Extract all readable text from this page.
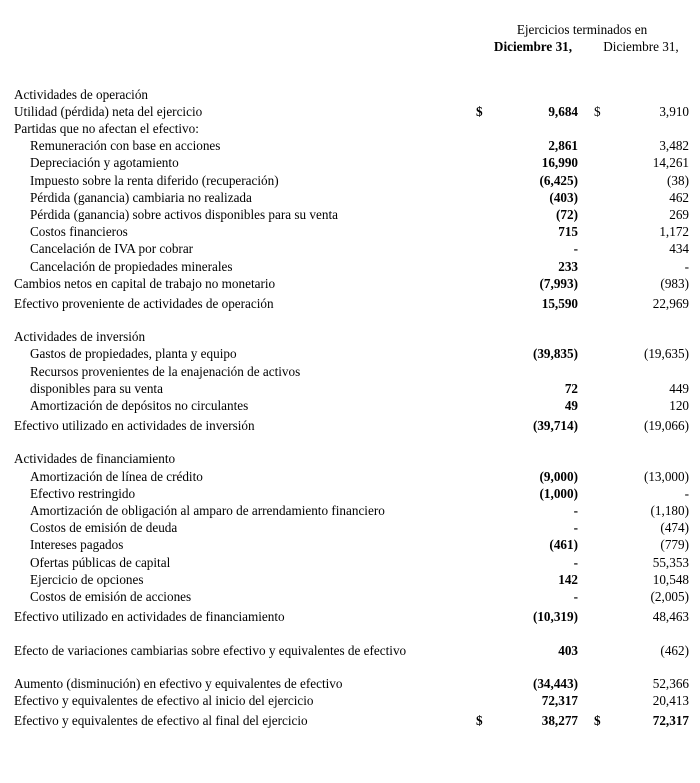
	Ejercicios terminados en			
	Diciembre 31,		Diciembre 31,	

Actividades de operación				
Utilidad (pérdida) neta del ejercicio	$	9,684	$	3,910
Partidas que no afectan el efectivo:				
Remuneración con base en acciones		2,861		3,482
Depreciación y agotamiento		16,990		14,261
Impuesto sobre la renta diferido (recuperación)		(6,425)		(38)
Pérdida (ganancia) cambiaria no realizada		(403)		462
Pérdida (ganancia) sobre activos disponibles para su venta		(72)		269
Costos financieros		715		1,172
Cancelación de IVA por cobrar		-		434
Cancelación de propiedades minerales		233		-
Cambios netos en capital de trabajo no monetario		(7,993)		(983)
Efectivo proveniente de actividades de operación		15,590		22,969

Actividades de inversión				
Gastos de propiedades, planta y equipo		(39,835)		(19,635)
Recursos provenientes de la enajenación de activos				
disponibles para su venta		72		449
Amortización de depósitos no circulantes		49		120
Efectivo utilizado en actividades de inversión		(39,714)		(19,066)

Actividades de financiamiento				
Amortización de línea de crédito		(9,000)		(13,000)
Efectivo restringido		(1,000)		-
Amortización de obligación al amparo de arrendamiento financiero		-		(1,180)
Costos de emisión de deuda		-		(474)
Intereses pagados		(461)		(779)
Ofertas públicas de capital		-		55,353
Ejercicio de opciones		142		10,548
Costos de emisión de acciones		-		(2,005)
Efectivo utilizado en actividades de financiamiento		(10,319)		48,463

Efecto de variaciones cambiarias sobre efectivo y equivalentes de efectivo		403		(462)

Aumento (disminución) en efectivo y equivalentes de efectivo		(34,443)		52,366
Efectivo y equivalentes de efectivo al inicio del ejercicio		72,317		20,413
Efectivo y equivalentes de efectivo al final del ejercicio	$	38,277	$	72,317
